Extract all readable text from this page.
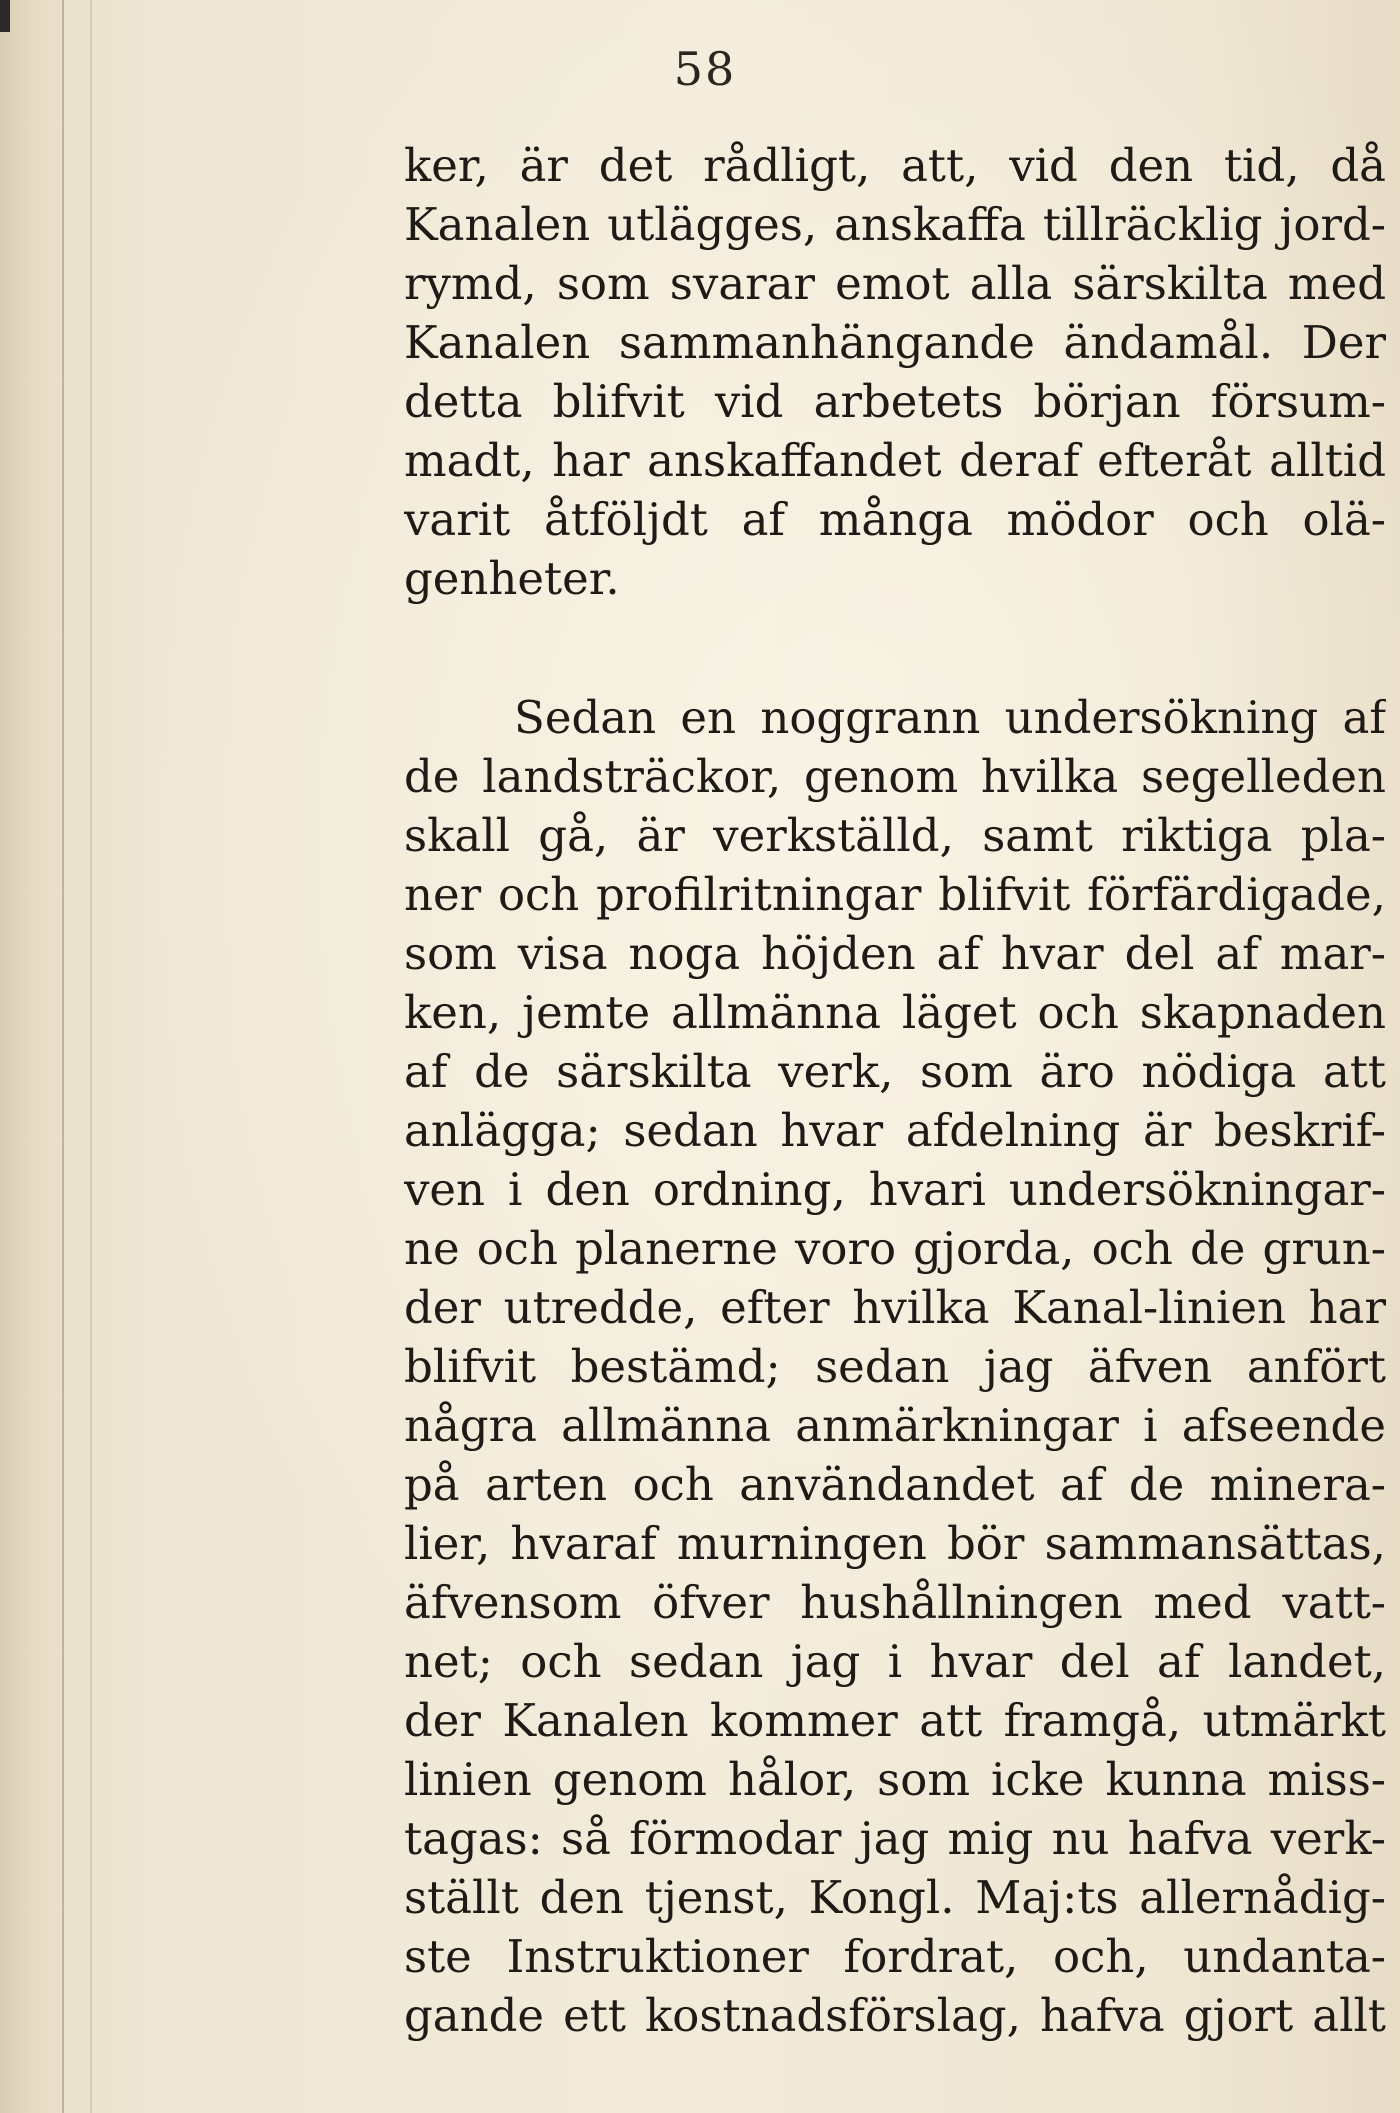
58
ker, är det rådligt, att, vid den tid, då
Kanalen utlägges, anskaffa tillräcklig jord-
rymd, som svarar emot alla särskilta med
Kanalen sammanhängande ändamål. Der
detta blifvit vid arbetets början försum-
madt, har anskaffandet deraf efteråt alltid
varit åtföljdt af många mödor och olä-
genheter.
Sedan en noggrann undersökning af
de landsträckor, genom hvilka segelleden
skall gå, är verkställd, samt riktiga pla-
ner och profilritningar blifvit förfärdigade,
som visa noga höjden af hvar del af mar-
ken, jemte allmänna läget och skapnaden
af de särskilta verk, som äro nödiga att
anlägga; sedan hvar afdelning är beskrif-
ven i den ordning, hvari undersökningar-
ne och planerne voro gjorda, och de grun-
der utredde, efter hvilka Kanal-linien har
blifvit bestämd; sedan jag äfven anfört
några allmänna anmärkningar i afseende
på arten och användandet af de minera-
lier, hvaraf murningen bör sammansättas,
äfvensom öfver hushållningen med vatt-
net; och sedan jag i hvar del af landet,
der Kanalen kommer att framgå, utmärkt
linien genom hålor, som icke kunna miss-
tagas: så förmodar jag mig nu hafva verk-
ställt den tjenst, Kongl. Maj:ts allernådig-
ste Instruktioner fordrat, och, undanta-
gande ett kostnadsförslag, hafva gjort allt
